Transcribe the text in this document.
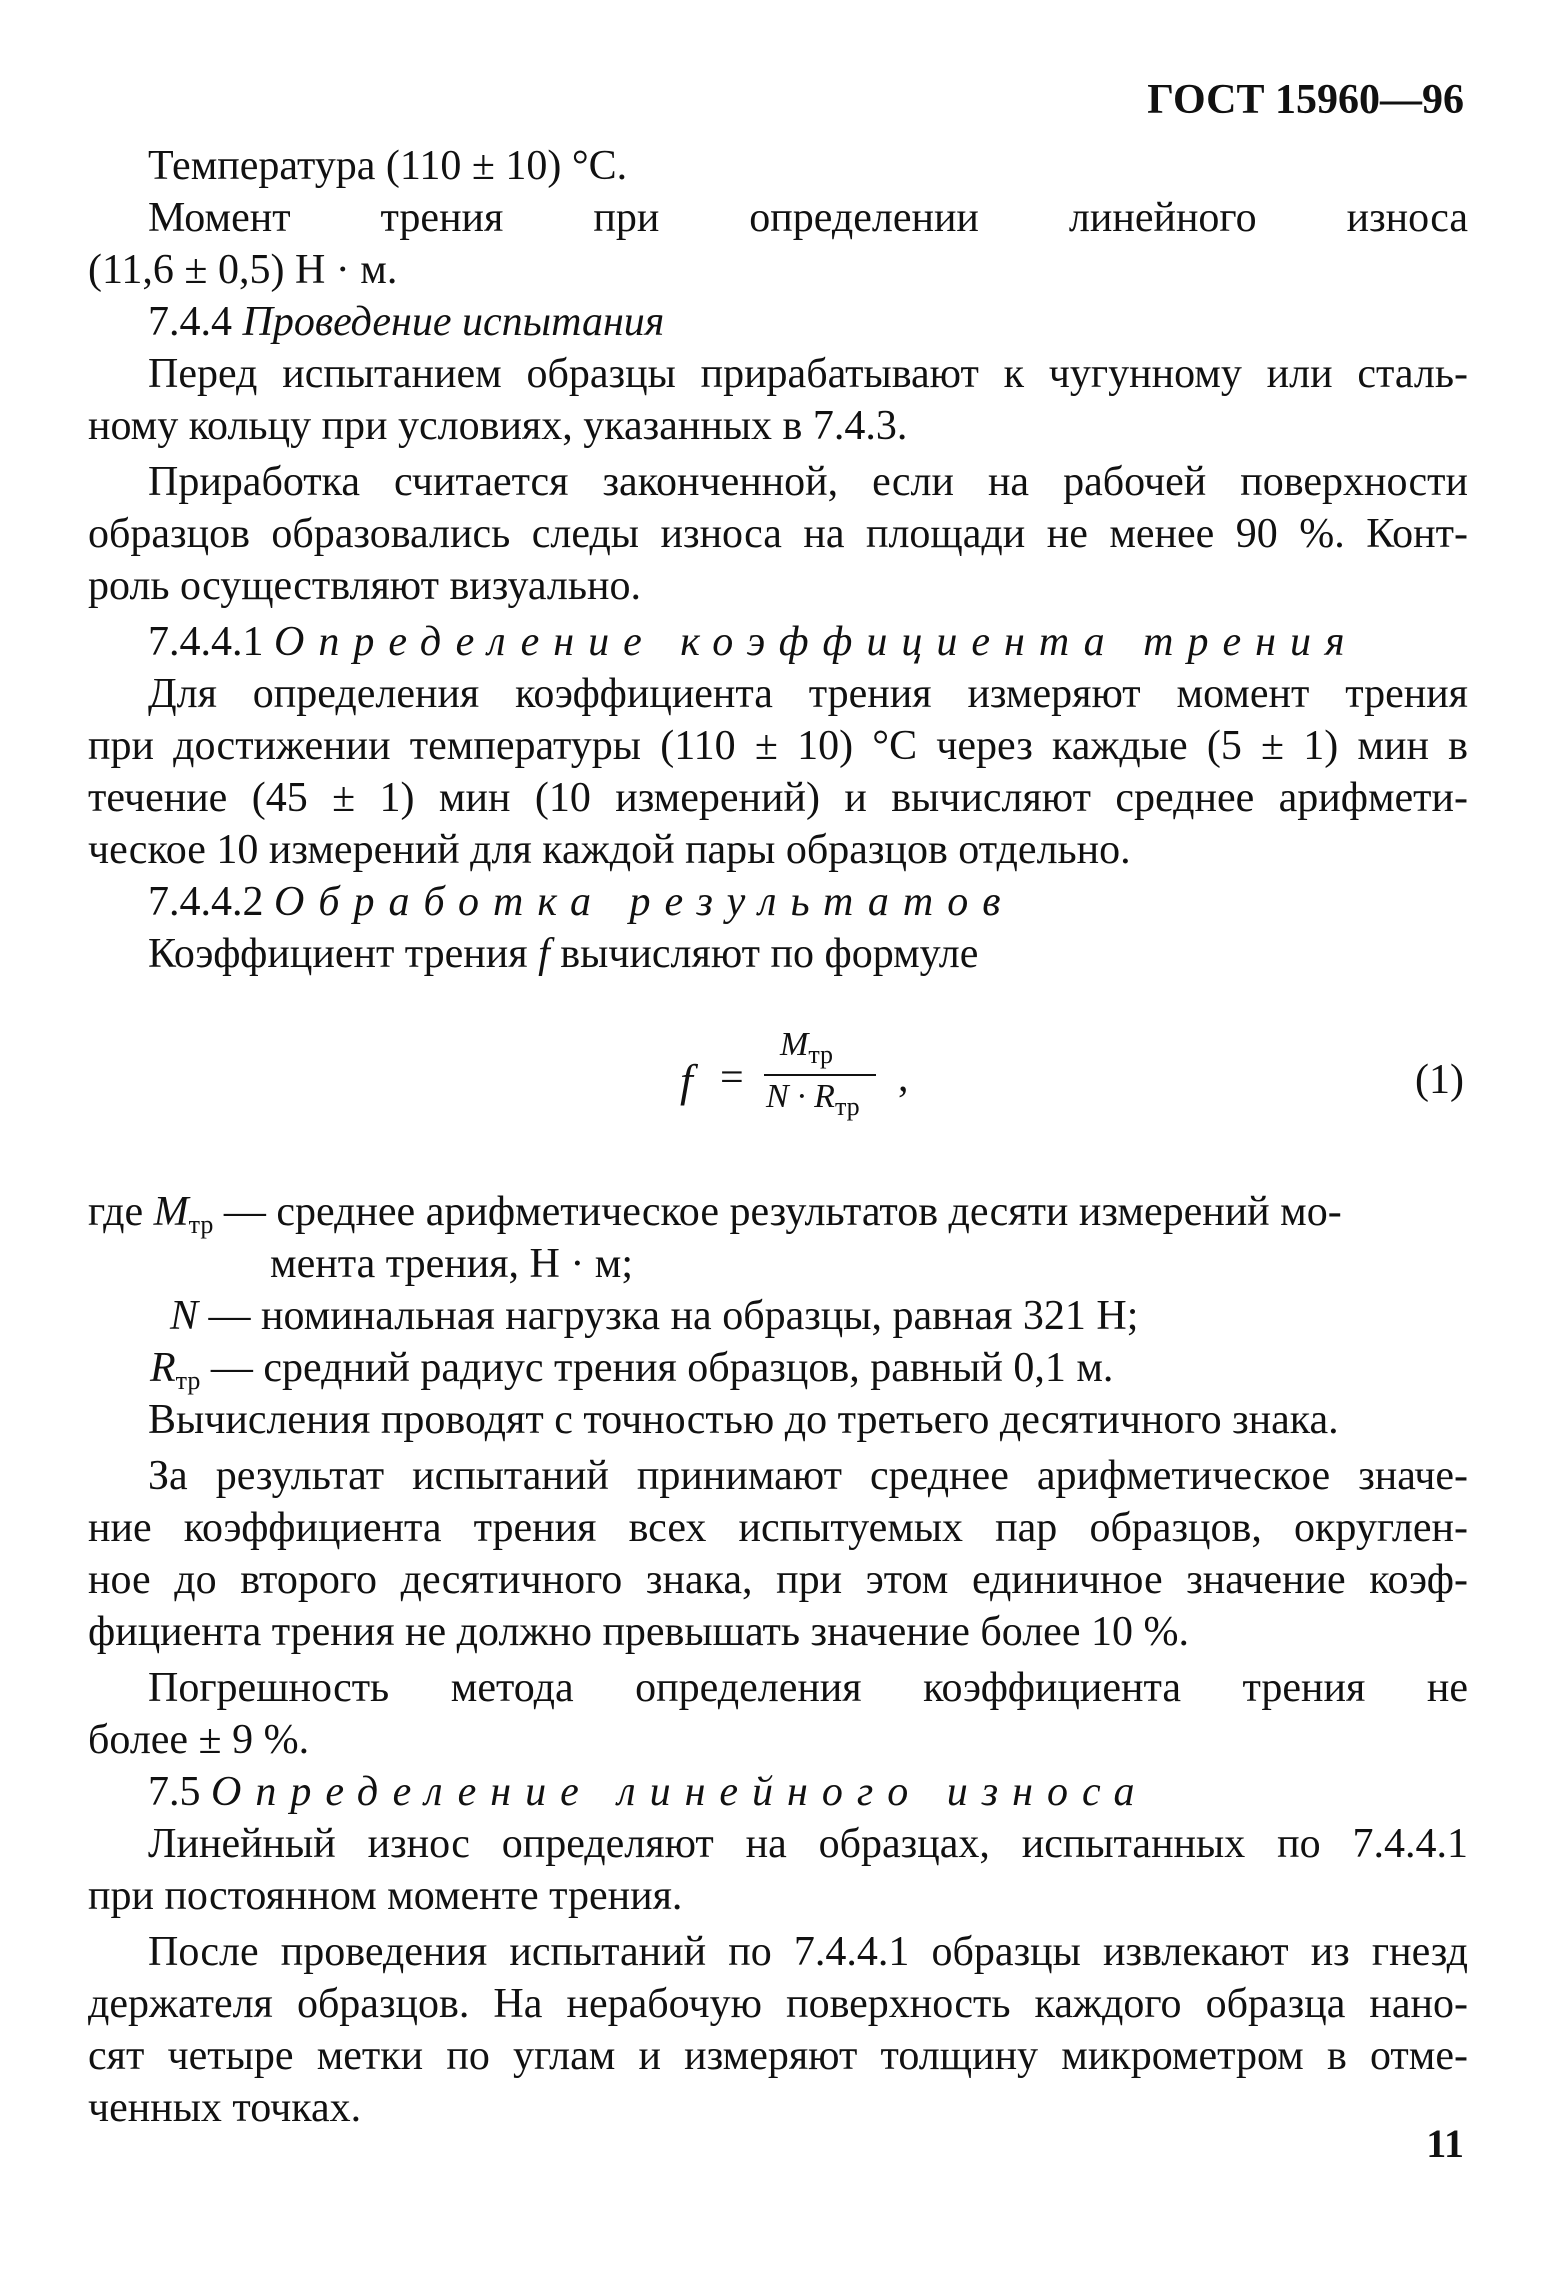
ГОСТ 15960—96
Температура (110 ± 10) °С.
Момент трения при определении линейного износа
(11,6 ± 0,5) Н · м.
7.4.4 Проведение испытания
Перед испытанием образцы прирабатывают к чугунному или сталь-
ному кольцу при условиях, указанных в 7.4.3.
Приработка считается законченной, если на рабочей поверхности
образцов образовались следы износа на площади не менее 90 %. Конт-
роль осуществляют визуально.
7.4.4.1 Определение коэффициента трения
Для определения коэффициента трения измеряют момент трения
при достижении температуры (110 ± 10) °С через каждые (5 ± 1) мин в
течение (45 ± 1) мин (10 измерений) и вычисляют среднее арифмети-
ческое 10 измерений для каждой пары образцов отдельно.
7.4.4.2 Обработка результатов
Коэффициент трения f вычисляют по формуле
f =
$M_{тр}$
$N \cdot R_{тр}$
,	(1)
где $M_{тр}$ — среднее арифметическое результатов десяти измерений мо-
мента трения, Н · м;
N — номинальная нагрузка на образцы, равная 321 Н;
$R_{тр}$ — средний радиус трения образцов, равный 0,1 м.
Вычисления проводят с точностью до третьего десятичного знака.
За результат испытаний принимают среднее арифметическое значе-
ние коэффициента трения всех испытуемых пар образцов, округлен-
ное до второго десятичного знака, при этом единичное значение коэф-
фициента трения не должно превышать значение более 10 %.
Погрешность метода определения коэффициента трения не
более ± 9 %.
7.5 Определение линейного износа
Линейный износ определяют на образцах, испытанных по 7.4.4.1
при постоянном моменте трения.
После проведения испытаний по 7.4.4.1 образцы извлекают из гнезд
держателя образцов. На нерабочую поверхность каждого образца нано-
сят четыре метки по углам и измеряют толщину микрометром в отме-
ченных точках.
11
